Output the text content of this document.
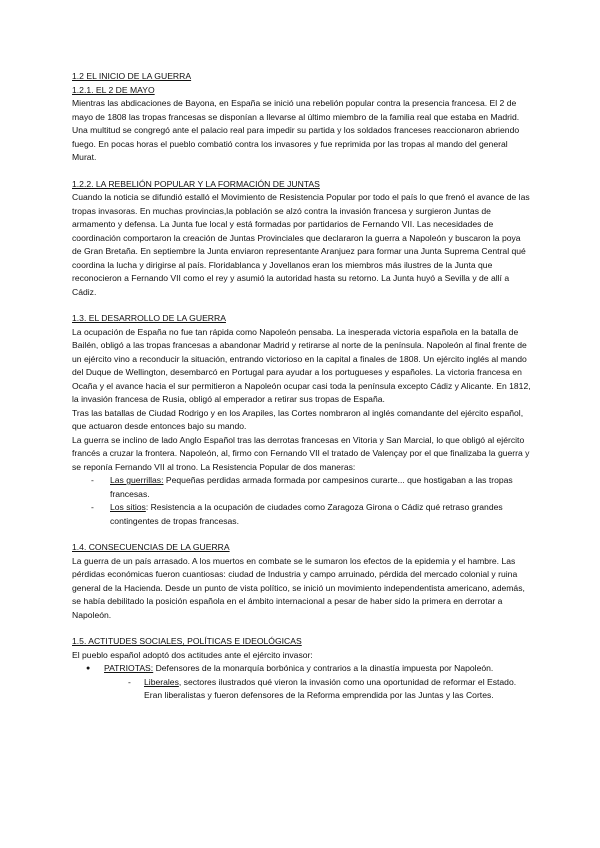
1.2 EL INICIO DE LA GUERRA

1.2.1. EL 2 DE MAYO

Mientras las abdicaciones de Bayona, en España se inició una rebelión popular contra la presencia francesa. El 2 de mayo de 1808 las tropas francesas se disponían a llevarse al último miembro de la familia real que estaba en Madrid. Una multitud se congregó ante el palacio real para impedir su partida y los soldados franceses reaccionaron abriendo fuego. En pocas horas el pueblo combatió contra los invasores y fue reprimida por las tropas al mando del general Murat.

1.2.2. LA REBELIÓN POPULAR Y LA FORMACIÓN DE JUNTAS

Cuando la noticia se difundió estalló el Movimiento de Resistencia Popular por todo el país lo que frenó el avance de las tropas invasoras. En muchas provincias,la población se alzó contra la invasión francesa y surgieron Juntas de armamento y defensa. La Junta fue local y está formadas por partidarios de Fernando VII. Las necesidades de coordinación comportaron la creación de Juntas Provinciales que declararon la guerra a Napoleón y buscaron la poya de Gran Bretaña. En septiembre la Junta enviaron representante Aranjuez para formar una Junta Suprema Central qué coordina la lucha y dirigirse al país. Floridablanca y Jovellanos eran los miembros más ilustres de la Junta que reconocieron a Fernando VII como el rey y asumió la autoridad hasta su retorno. La Junta huyó a Sevilla y de allí a Cádiz.

1.3. EL DESARROLLO DE LA GUERRA

La ocupación de España no fue tan rápida como Napoleón pensaba. La inesperada victoria española en la batalla de Bailén, obligó a las tropas francesas a abandonar Madrid y retirarse al norte de la península. Napoleón al final frente de un ejército vino a reconducir la situación, entrando victorioso en la capital a finales de 1808. Un ejército inglés al mando del Duque de Wellington, desembarcó en Portugal para ayudar a los portugueses y españoles. La victoria francesa en Ocaña y el avance hacia el sur permitieron a Napoleón ocupar casi toda la península excepto Cádiz y Alicante. En 1812, la invasión francesa de Rusia, obligó al emperador a retirar sus tropas de España.

Tras las batallas de Ciudad Rodrigo y en los Arapiles, las Cortes nombraron al inglés comandante del ejército español, que actuaron desde entonces bajo su mando.

La guerra se inclino de lado Anglo Español tras las derrotas francesas en Vitoria y San Marcial, lo que obligó al ejército francés a cruzar la frontera. Napoleón, al, firmo con Fernando VII el tratado de Valençay por el que finalizaba la guerra y se reponía Fernando VII al trono. La Resistencia Popular de dos maneras:

- Las guerrillas: Pequeñas perdidas armada formada por campesinos curarte... que hostigaban a las tropas francesas.
- Los sitios: Resistencia a la ocupación de ciudades como Zaragoza Girona o Cádiz qué retraso grandes contingentes de tropas francesas.

1.4. CONSECUENCIAS DE LA GUERRA

La guerra de un país arrasado. A los muertos en combate se le sumaron los efectos de la epidemia y el hambre. Las pérdidas económicas fueron cuantiosas: ciudad de Industria y campo arruinado, pérdida del mercado colonial y ruina general de la Hacienda. Desde un punto de vista político, se inició un movimiento independentista americano, además, se había debilitado la posición española en el ámbito internacional a pesar de haber sido la primera en derrotar a Napoleón.

1.5. ACTITUDES SOCIALES, POLÍTICAS E IDEOLÓGICAS

El pueblo español adoptó dos actitudes ante el ejército invasor:

● PATRIOTAS: Defensores de la monarquía borbónica y contrarios a la dinastía impuesta por Napoleón.
- Liberales, sectores ilustrados qué vieron la invasión como una oportunidad de reformar el Estado. Eran liberalistas y fueron defensores de la Reforma emprendida por las Juntas y las Cortes.
